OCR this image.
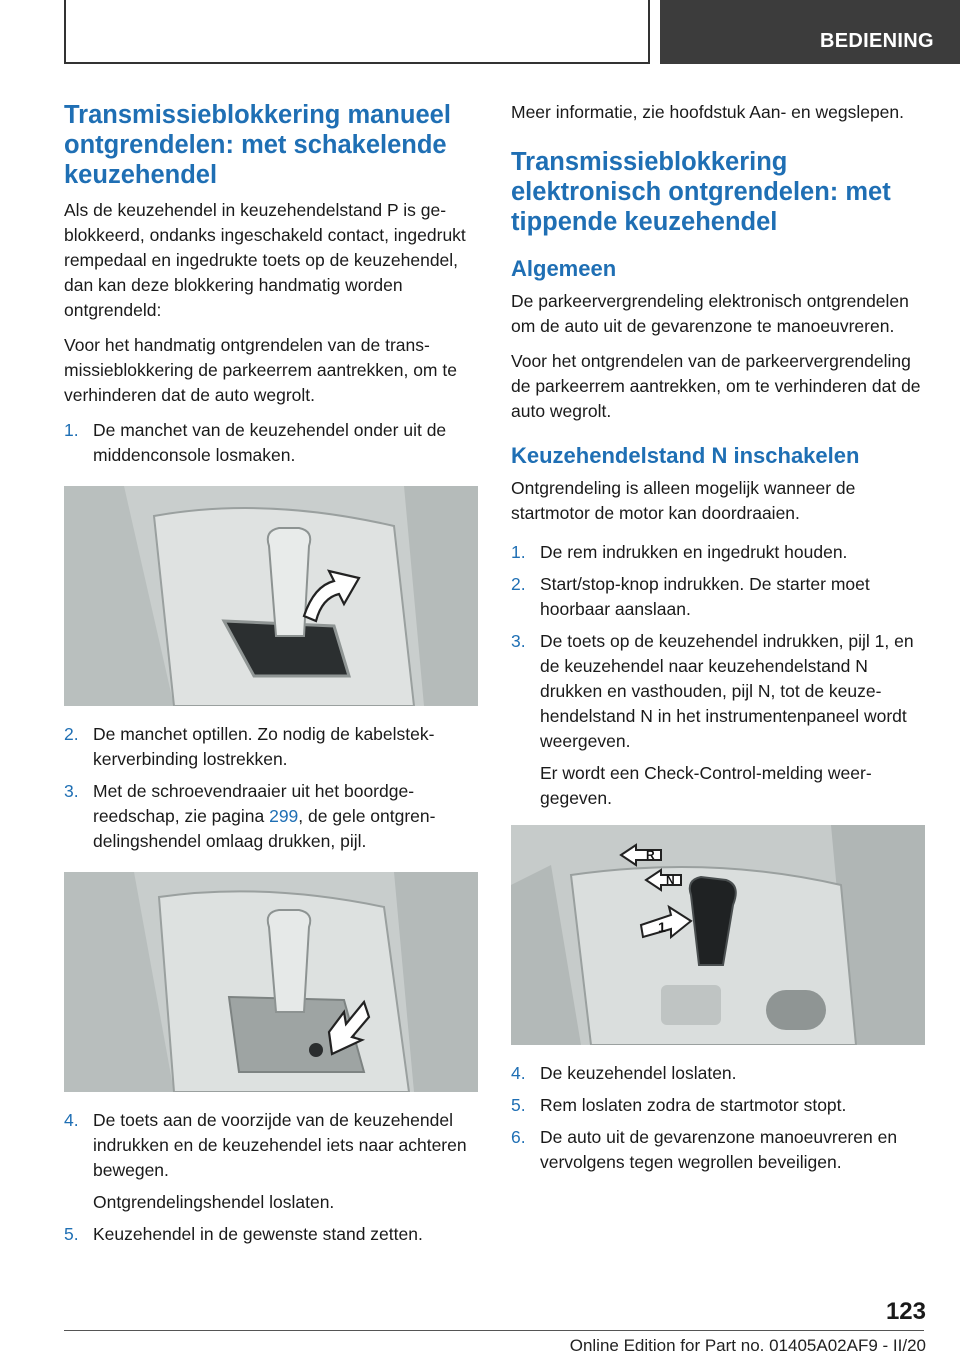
BEDIENING
Transmissieblokkering manueel ontgrendelen: met schakelende keuzehendel

Als de keuzehendel in keuzehendelstand P is geblokkeerd, ondanks ingeschakeld contact, ingedrukt rempedaal en ingedrukte toets op de keuzehendel, dan kan deze blokkering handmatig worden ontgrendeld:

Voor het handmatig ontgrendelen van de transmissieblokkering de parkeerrem aantrekken, om te verhinderen dat de auto wegrolt.

1. De manchet van de keuzehendel onder uit de middenconsole losmaken.
2. De manchet optillen. Zo nodig de kabelstekkerverbinding lostrekken.
3. Met de schroevendraaier uit het boordgereedschap, zie pagina 299, de gele ontgrendelingshendel omlaag drukken, pijl.
4. De toets aan de voorzijde van de keuzehendel indrukken en de keuzehendel iets naar achteren bewegen.
Ontgrendelingshendel loslaten.
5. Keuzehendel in de gewenste stand zetten.

Meer informatie, zie hoofdstuk Aan- en wegslepen.

Transmissieblokkering elektronisch ontgrendelen: met tippende keuzehendel
Algemeen

De parkeervergrendeling elektronisch ontgrendelen om de auto uit de gevarenzone te manoeuvreren.

Voor het ontgrendelen van de parkeervergrendeling de parkeerrem aantrekken, om te verhinderen dat de auto wegrolt.

Keuzehendelstand N inschakelen

Ontgrendeling is alleen mogelijk wanneer de startmotor de motor kan doordraaien.

1. De rem indrukken en ingedrukt houden.
2. Start/stop-knop indrukken. De starter moet hoorbaar aanslaan.
3. De toets op de keuzehendel indrukken, pijl 1, en de keuzehendel naar keuzehendelstand N drukken en vasthouden, pijl N, tot de keuzehendelstand N in het instrumentenpaneel wordt weergeven.
Er wordt een Check-Control-melding weergegeven.
R
N
1
4. De keuzehendel loslaten.
5. Rem loslaten zodra de startmotor stopt.
6. De auto uit de gevarenzone manoeuvreren en vervolgens tegen wegrollen beveiligen.
123
Online Edition for Part no. 01405A02AF9 - II/20
